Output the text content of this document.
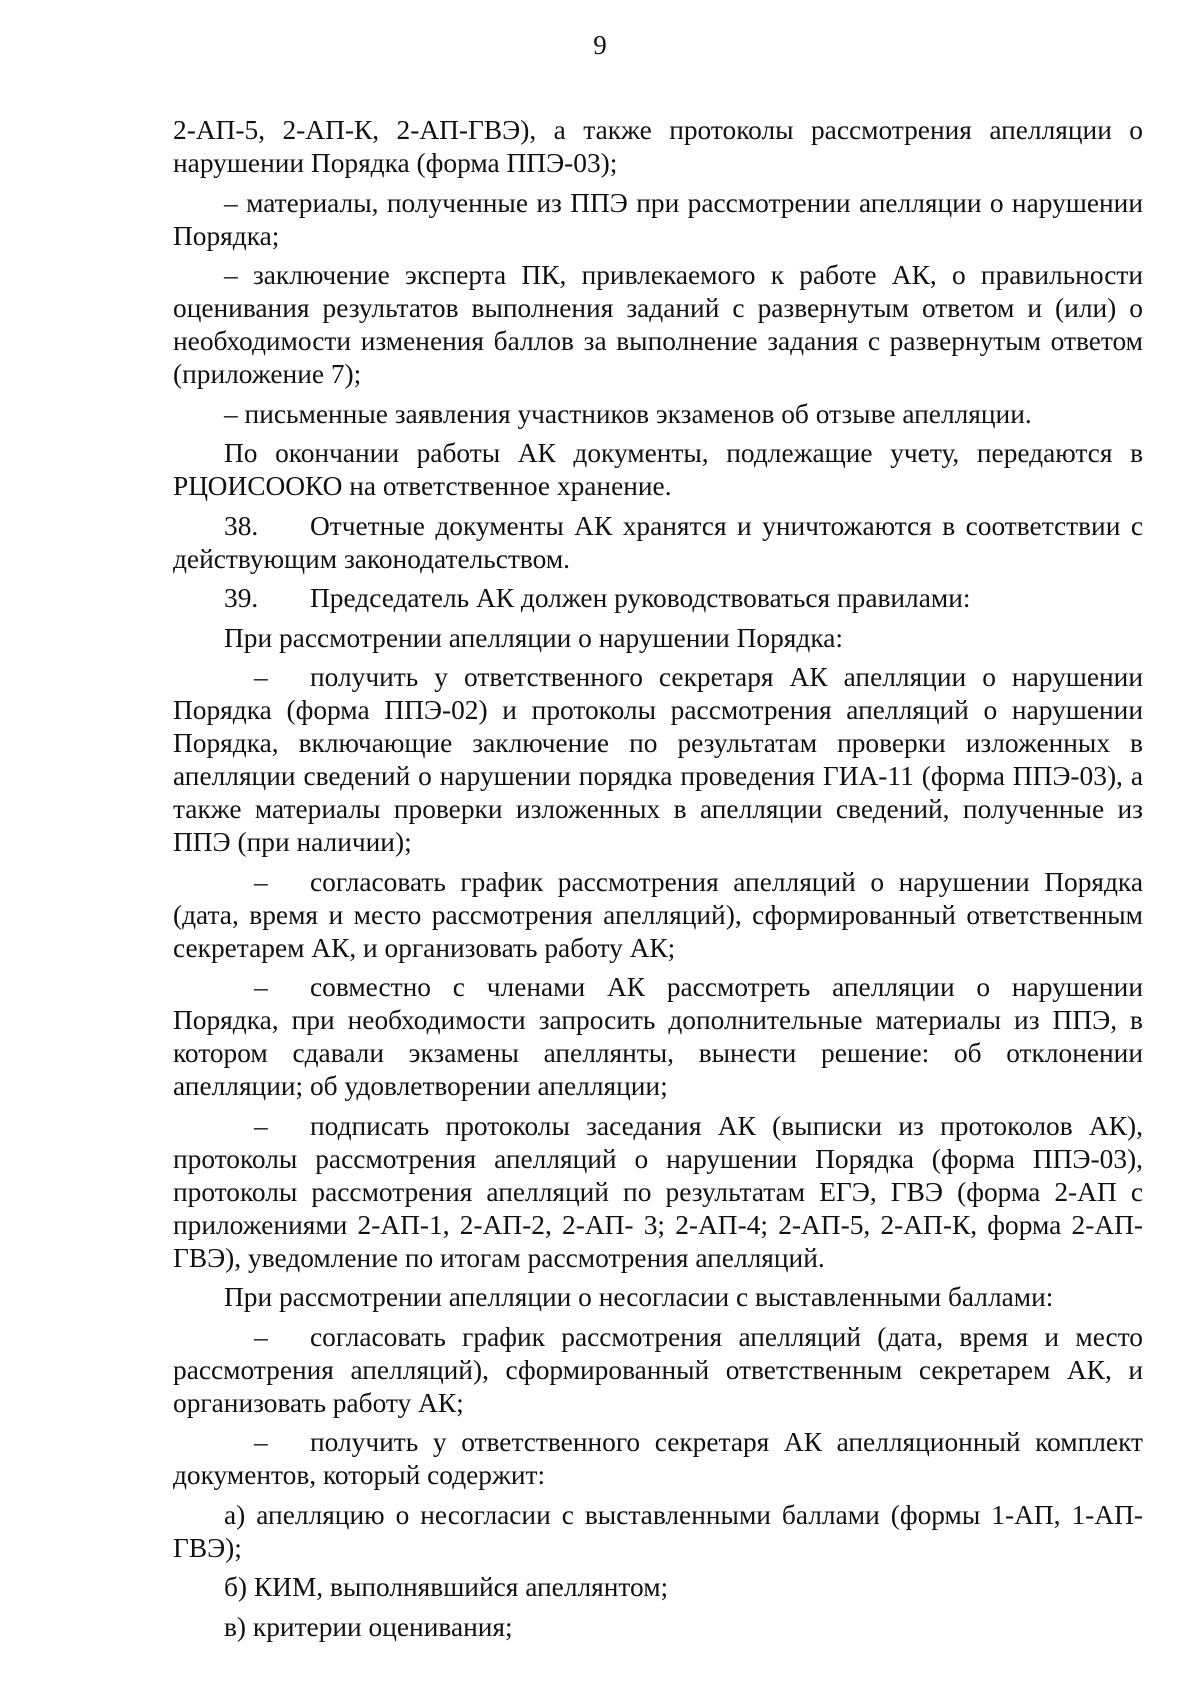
9

2-АП-5, 2-АП-К, 2-АП-ГВЭ), а также протоколы рассмотрения апелляции о нарушении Порядка (форма ППЭ-03);

– материалы, полученные из ППЭ при рассмотрении апелляции о нарушении Порядка;

– заключение эксперта ПК, привлекаемого к работе АК, о правильности оценивания результатов выполнения заданий с развернутым ответом и (или) о необходимости изменения баллов за выполнение задания с развернутым ответом (приложение 7);

– письменные заявления участников экзаменов об отзыве апелляции.

По окончании работы АК документы, подлежащие учету, передаются в РЦОИСООКО на ответственное хранение.

38. Отчетные документы АК хранятся и уничтожаются в соответствии с действующим законодательством.

39. Председатель АК должен руководствоваться правилами:

При рассмотрении апелляции о нарушении Порядка:

– получить у ответственного секретаря АК апелляции о нарушении Порядка (форма ППЭ-02) и протоколы рассмотрения апелляций о нарушении Порядка, включающие заключение по результатам проверки изложенных в апелляции сведений о нарушении порядка проведения ГИА-11 (форма ППЭ-03), а также материалы проверки изложенных в апелляции сведений, полученные из ППЭ (при наличии);

– согласовать график рассмотрения апелляций о нарушении Порядка (дата, время и место рассмотрения апелляций), сформированный ответственным секретарем АК, и организовать работу АК;

– совместно с членами АК рассмотреть апелляции о нарушении Порядка, при необходимости запросить дополнительные материалы из ППЭ, в котором сдавали экзамены апеллянты, вынести решение: об отклонении апелляции; об удовлетворении апелляции;

– подписать протоколы заседания АК (выписки из протоколов АК), протоколы рассмотрения апелляций о нарушении Порядка (форма ППЭ-03), протоколы рассмотрения апелляций по результатам ЕГЭ, ГВЭ (форма 2-АП с приложениями 2-АП-1, 2-АП-2, 2-АП- 3; 2-АП-4; 2-АП-5, 2-АП-К, форма 2-АП-ГВЭ), уведомление по итогам рассмотрения апелляций.

При рассмотрении апелляции о несогласии с выставленными баллами:

– согласовать график рассмотрения апелляций (дата, время и место рассмотрения апелляций), сформированный ответственным секретарем АК, и организовать работу АК;

– получить у ответственного секретаря АК апелляционный комплект документов, который содержит:

а) апелляцию о несогласии с выставленными баллами (формы 1-АП, 1-АП-ГВЭ);

б) КИМ, выполнявшийся апеллянтом;

в) критерии оценивания;
